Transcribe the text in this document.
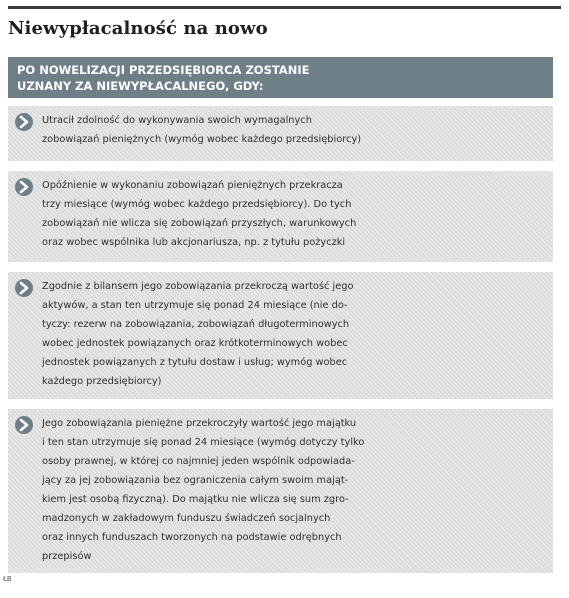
Niewypłacalność na nowo
PO NOWELIZACJI PRZEDSIĘBIORCA ZOSTANIE
UZNANY ZA NIEWYPŁACALNEGO, GDY:
Utracił zdolność do wykonywania swoich wymagalnych
zobowiązań pieniężnych (wymóg wobec każdego przedsiębiorcy)
Opóźnienie w wykonaniu zobowiązań pieniężnych przekracza
trzy miesiące (wymóg wobec każdego przedsiębiorcy). Do tych
zobowiązań nie wlicza się zobowiązań przyszłych, warunkowych
oraz wobec wspólnika lub akcjonariusza, np. z tytułu pożyczki
Zgodnie z bilansem jego zobowiązania przekroczą wartość jego
aktywów, a stan ten utrzymuje się ponad 24 miesiące (nie do-
tyczy: rezerw na zobowiązania, zobowiązań długoterminowych
wobec jednostek powiązanych oraz krótkoterminowych wobec
jednostek powiązanych z tytułu dostaw i usług; wymóg wobec
każdego przedsiębiorcy)
Jego zobowiązania pieniężne przekroczyły wartość jego majątku
i ten stan utrzymuje się ponad 24 miesiące (wymóg dotyczy tylko
osoby prawnej, w której co najmniej jeden wspólnik odpowiada-
jący za jej zobowiązania bez ograniczenia całym swoim mająt-
kiem jest osobą fizyczną). Do majątku nie wlicza się sum zgro-
madzonych w zakładowym funduszu świadczeń socjalnych
oraz innych funduszach tworzonych na podstawie odrębnych
przepisów
ŁB
